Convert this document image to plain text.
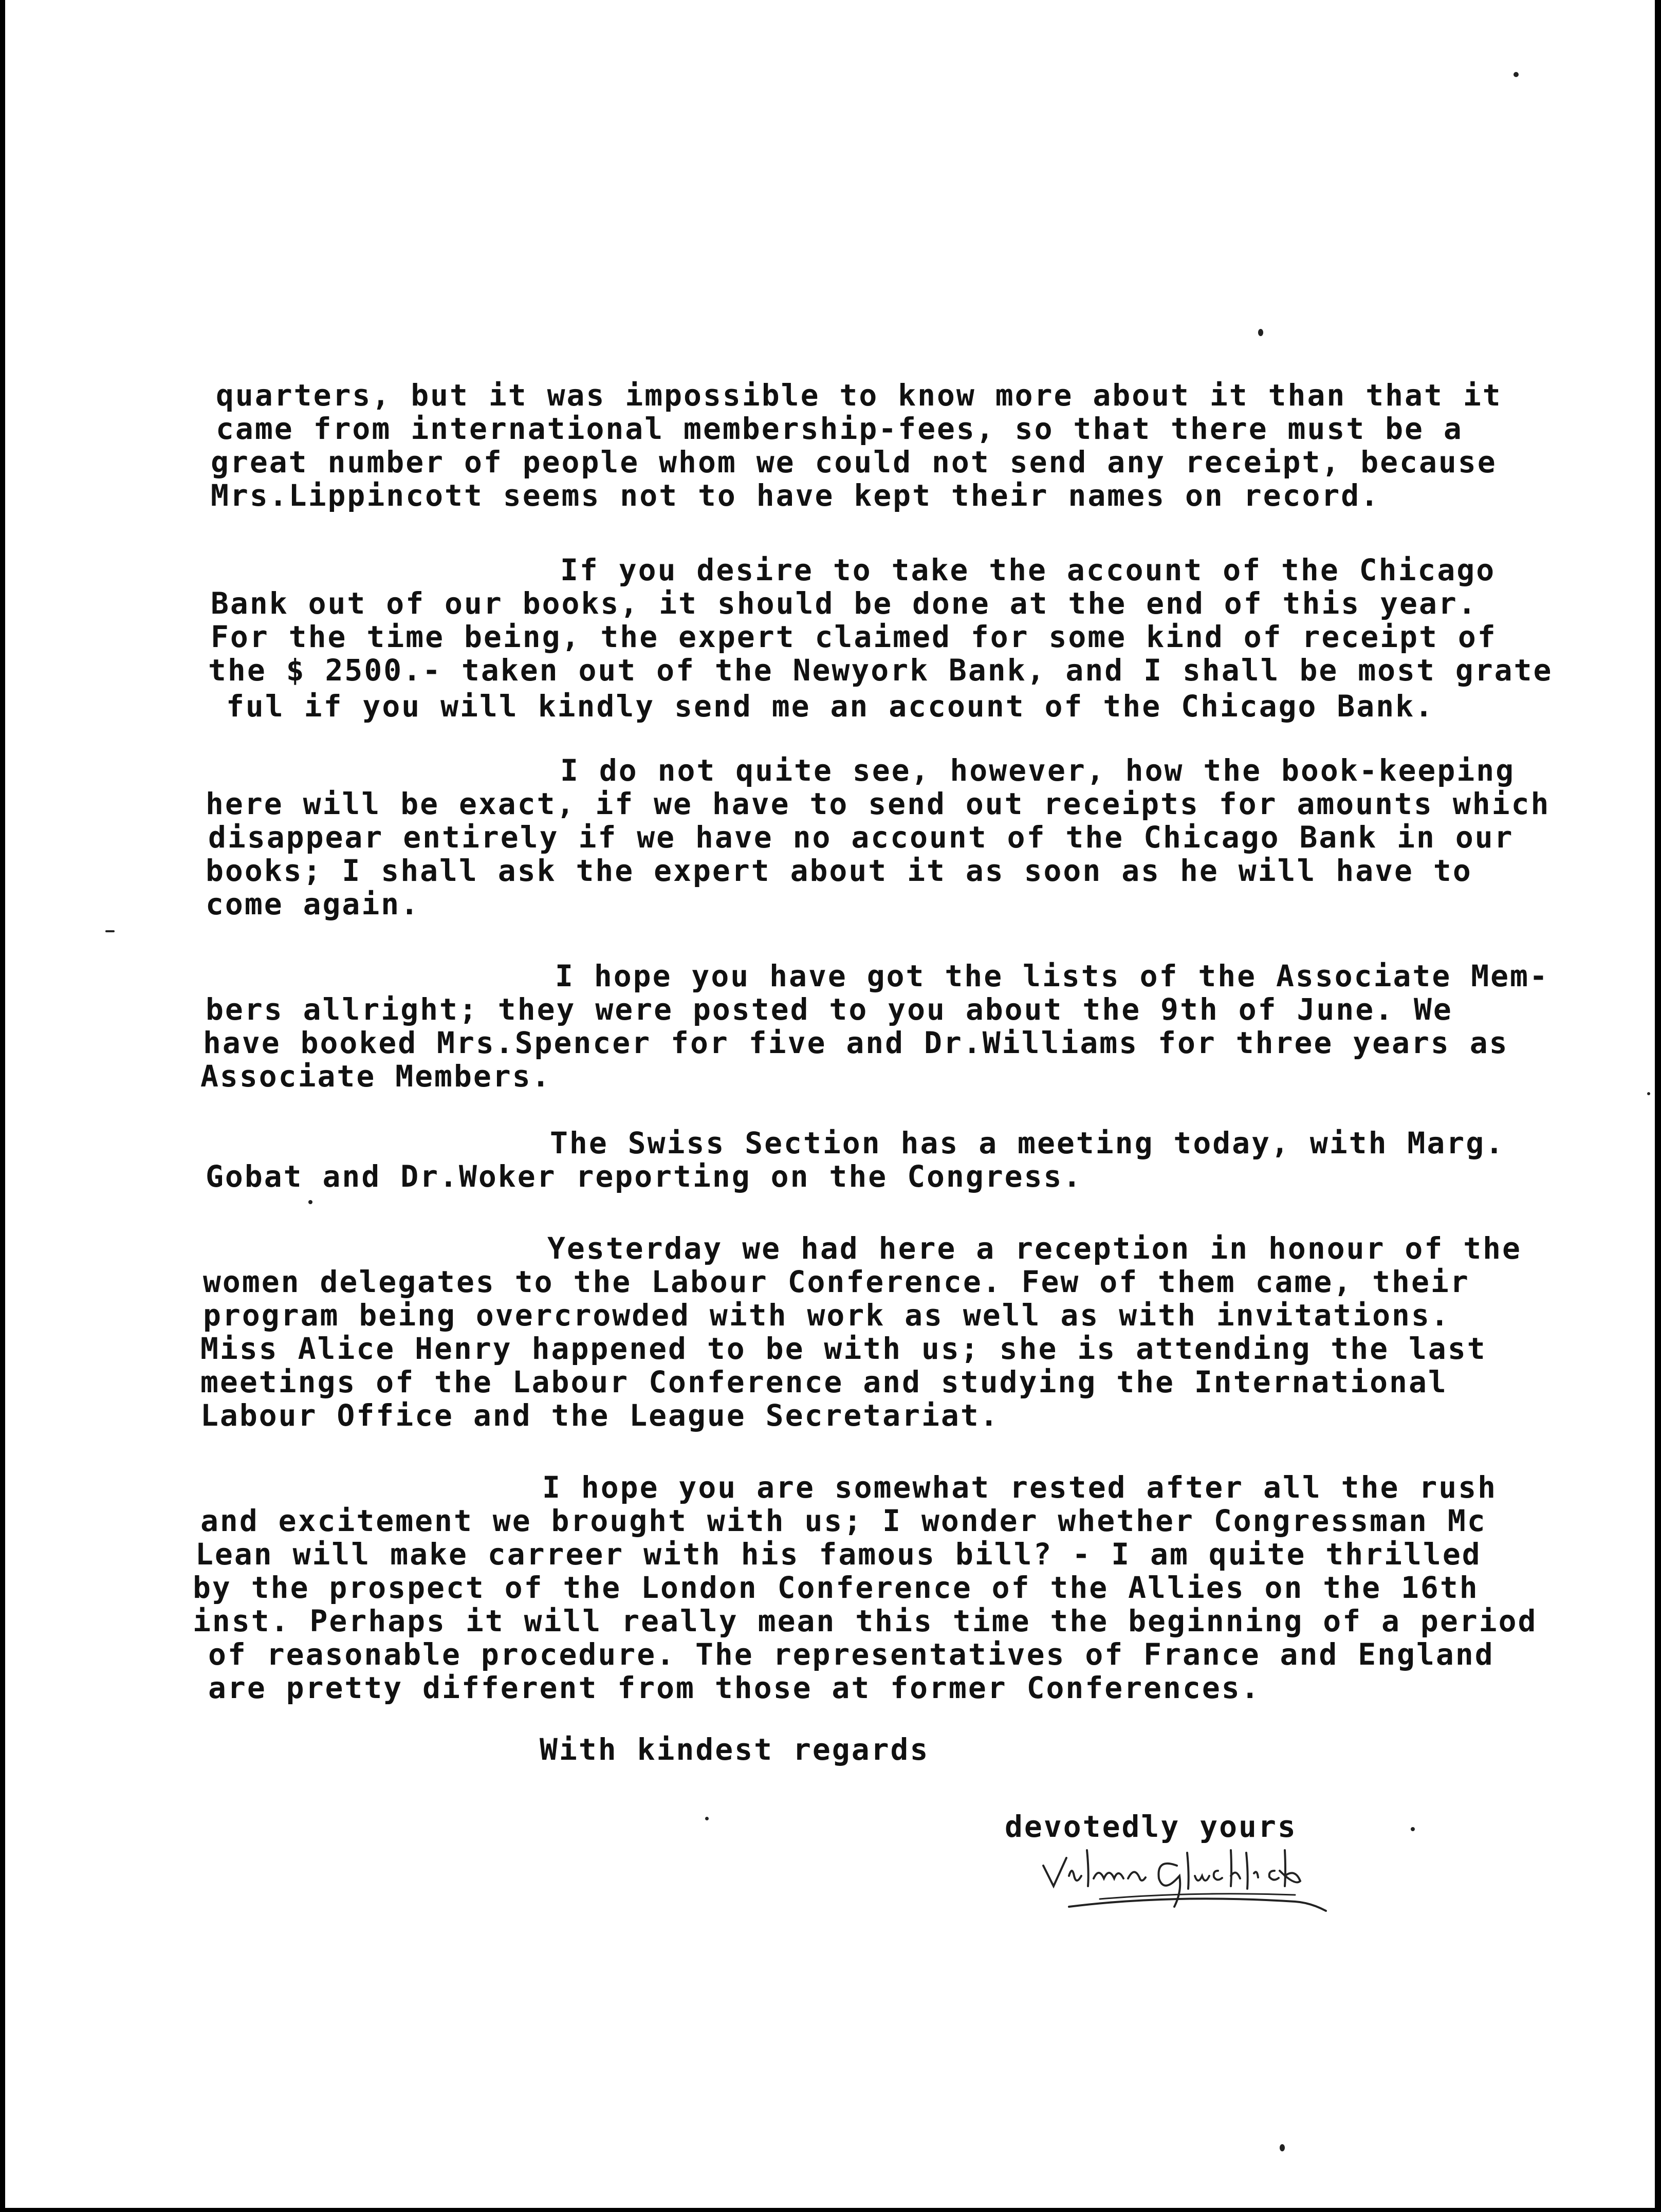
quarters, but it was impossible to know more about it than that it
came from international membership-fees, so that there must be a
great number of people whom we could not send any receipt, because
Mrs.Lippincott seems not to have kept their names on record.
If you desire to take the account of the Chicago
Bank out of our books, it should be done at the end of this year.
For the time being, the expert claimed for some kind of receipt of
the $ 2500.- taken out of the Newyork Bank, and I shall be most grate
ful if you will kindly send me an account of the Chicago Bank.
I do not quite see, however, how the book-keeping
here will be exact, if we have to send out receipts for amounts which
disappear entirely if we have no account of the Chicago Bank in our
books; I shall ask the expert about it as soon as he will have to
come again.
I hope you have got the lists of the Associate Mem-
bers allright; they were posted to you about the 9th of June. We
have booked Mrs.Spencer for five and Dr.Williams for three years as
Associate Members.
The Swiss Section has a meeting today, with Marg.
Gobat and Dr.Woker reporting on the Congress.
Yesterday we had here a reception in honour of the
women delegates to the Labour Conference. Few of them came, their
program being overcrowded with work as well as with invitations.
Miss Alice Henry happened to be with us; she is attending the last
meetings of the Labour Conference and studying the International
Labour Office and the League Secretariat.
I hope you are somewhat rested after all the rush
and excitement we brought with us; I wonder whether Congressman Mc
Lean will make carreer with his famous bill? - I am quite thrilled
by the prospect of the London Conference of the Allies on the 16th
inst. Perhaps it will really mean this time the beginning of a period
of reasonable procedure. The representatives of France and England
are pretty different from those at former Conferences.
With kindest regards
devotedly yours
